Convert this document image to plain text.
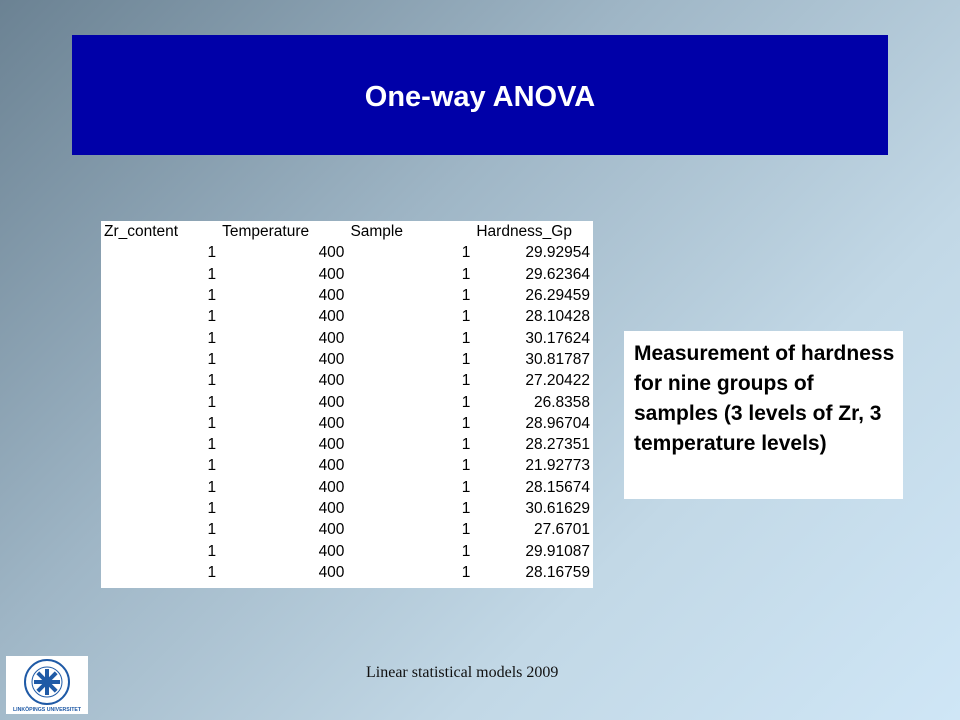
One-way ANOVA
Zr_content	Temperature	Sample	Hardness_Gp
1	400	1	29.92954
1	400	1	29.62364
1	400	1	26.29459
1	400	1	28.10428
1	400	1	30.17624
1	400	1	30.81787
1	400	1	27.20422
1	400	1	26.8358
1	400	1	28.96704
1	400	1	28.27351
1	400	1	21.92773
1	400	1	28.15674
1	400	1	30.61629
1	400	1	27.6701
1	400	1	29.91087
1	400	1	28.16759
Measurement of hardness for nine groups of samples (3 levels of Zr, 3 temperature levels)
LINKÖPINGS UNIVERSITET
Linear statistical models 2009
